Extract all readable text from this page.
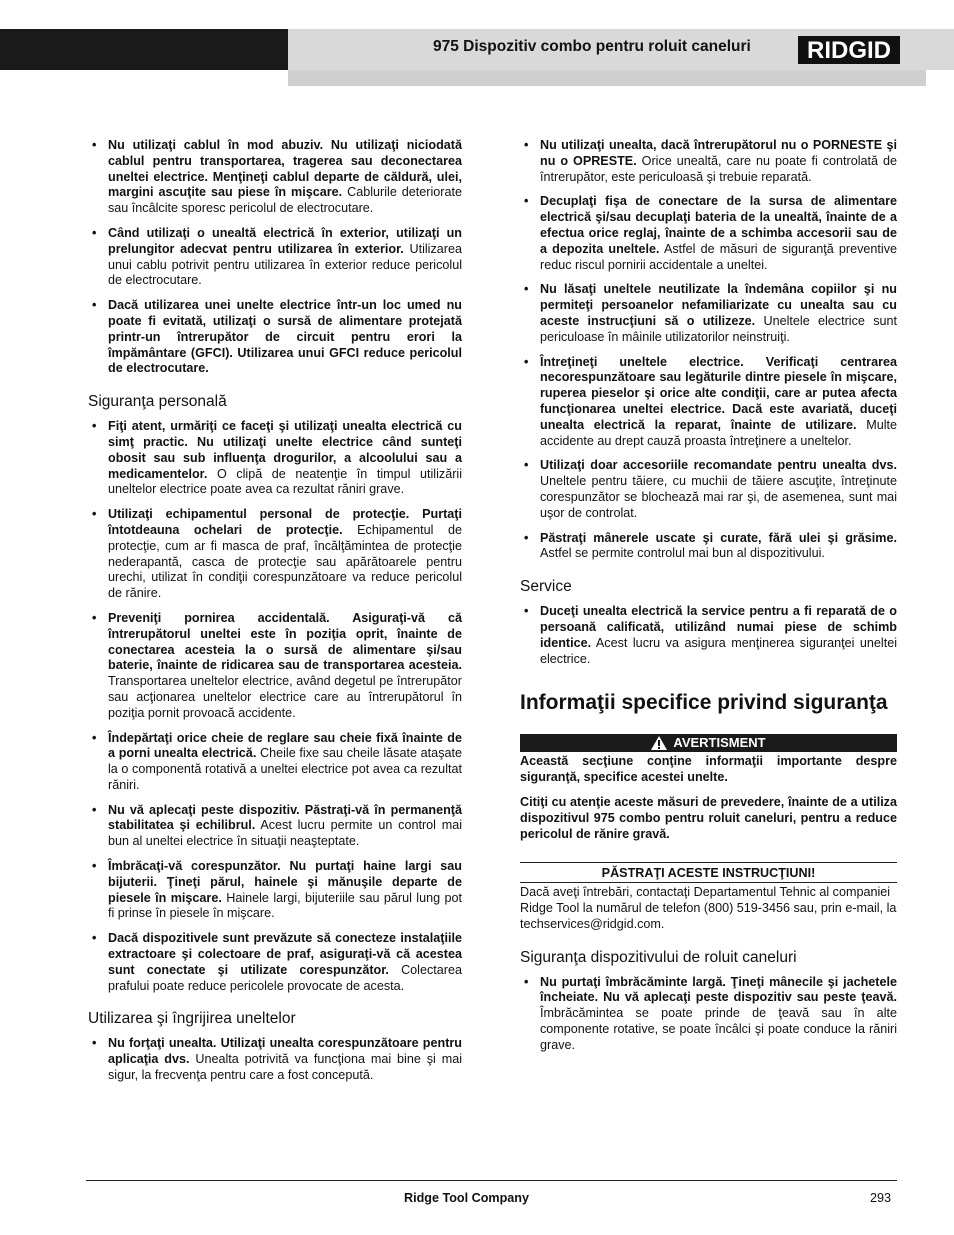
975 Dispozitiv combo pentru roluit caneluri RIDGID
• Nu utilizaţi cablul în mod abuziv. Nu utilizaţi niciodată cablul pentru transportarea, tragerea sau deconectarea uneltei electrice. Menţineţi cablul departe de căldură, ulei, margini ascuţite sau piese în mişcare. Cablurile deteriorate sau încâlcite sporesc pericolul de electrocutare.
• Când utilizaţi o unealtă electrică în exterior, utilizaţi un prelungitor adecvat pentru utilizarea în exterior. Utilizarea unui cablu potrivit pentru utilizarea în exterior reduce pericolul de electrocutare.
• Dacă utilizarea unei unelte electrice într-un loc umed nu poate fi evitată, utilizaţi o sursă de alimentare protejată printr-un întrerupător de circuit pentru erori la împământare (GFCI). Utilizarea unui GFCI reduce pericolul de electrocutare.
Siguranţa personală
• Fiţi atent, urmăriţi ce faceţi şi utilizaţi unealta electrică cu simţ practic. Nu utilizaţi unelte electrice când sunteţi obosit sau sub influenţa drogurilor, a alcoolului sau a medicamentelor. O clipă de neatenţie în timpul utilizării uneltelor electrice poate avea ca rezultat răniri grave.
• Utilizaţi echipamentul personal de protecţie. Purtaţi întotdeauna ochelari de protecţie. Echipamentul de protecţie, cum ar fi masca de praf, încălţămintea de protecţie nederapantă, casca de protecţie sau apărătoarele pentru urechi, utilizat în condiţii corespunzătoare va reduce pericolul de rănire.
• Preveniţi pornirea accidentală. Asiguraţi-vă că întrerupătorul uneltei este în poziţia oprit, înainte de conectarea acesteia la o sursă de alimentare şi/sau baterie, înainte de ridicarea sau de transportarea acesteia. Transportarea uneltelor electrice, având degetul pe întrerupător sau acţionarea uneltelor electrice care au întrerupătorul în poziţia pornit provoacă accidente.
• Îndepărtaţi orice cheie de reglare sau cheie fixă înainte de a porni unealta electrică. Cheile fixe sau cheile lăsate ataşate la o componentă rotativă a uneltei electrice pot avea ca rezultat răniri.
• Nu vă aplecaţi peste dispozitiv. Păstraţi-vă în permanenţă stabilitatea şi echilibrul. Acest lucru permite un control mai bun al uneltei electrice în situaţii neaşteptate.
• Îmbrăcaţi-vă corespunzător. Nu purtaţi haine largi sau bijuterii. Ţineţi părul, hainele şi mănuşile departe de piesele în mişcare. Hainele largi, bijuteriile sau părul lung pot fi prinse în piesele în mişcare.
• Dacă dispozitivele sunt prevăzute să conecteze instalaţiile extractoare şi colectoare de praf, asiguraţi-vă că acestea sunt conectate şi utilizate corespunzător. Colectarea prafului poate reduce pericolele provocate de acesta.
Utilizarea şi îngrijirea uneltelor
• Nu forţaţi unealta. Utilizaţi unealta corespunzătoare pentru aplicaţia dvs. Unealta potrivită va funcţiona mai bine şi mai sigur, la frecvenţa pentru care a fost concepută.
• Nu utilizaţi unealta, dacă întrerupătorul nu o PORNESTE şi nu o OPRESTE. Orice unealtă, care nu poate fi controlată de întrerupător, este periculoasă şi trebuie reparată.
• Decuplaţi fişa de conectare de la sursa de alimentare electrică şi/sau decuplaţi bateria de la unealtă, înainte de a efectua orice reglaj, înainte de a schimba accesorii sau de a depozita uneltele. Astfel de măsuri de siguranţă preventive reduc riscul pornirii accidentale a uneltei.
• Nu lăsaţi uneltele neutilizate la îndemâna copiilor şi nu permiteţi persoanelor nefamiliarizate cu unealta sau cu aceste instrucţiuni să o utilizeze. Uneltele electrice sunt periculoase în mâinile utilizatorilor neinstruiţi.
• Întreţineţi uneltele electrice. Verificaţi centrarea necorespunzătoare sau legăturile dintre piesele în mişcare, ruperea pieselor şi orice alte condiţii, care ar putea afecta funcţionarea uneltei electrice. Dacă este avariată, duceţi unealta electrică la reparat, înainte de utilizare. Multe accidente au drept cauză proasta întreţinere a uneltelor.
• Utilizaţi doar accesoriile recomandate pentru unealta dvs. Uneltele pentru tăiere, cu muchii de tăiere ascuţite, întreţinute corespunzător se blochează mai rar şi, de asemenea, sunt mai uşor de controlat.
• Păstraţi mânerele uscate şi curate, fără ulei şi grăsime. Astfel se permite controlul mai bun al dispozitivului.
Service
• Duceţi unealta electrică la service pentru a fi reparată de o persoană calificată, utilizând numai piese de schimb identice. Acest lucru va asigura menţinerea siguranţei uneltei electrice.
Informaţii specifice privind siguranţa
AVERTISMENT

Această secţiune conţine informaţii importante despre siguranţă, specifice acestei unelte.

Citiţi cu atenţie aceste măsuri de prevedere, înainte de a utiliza dispozitivul 975 combo pentru roluit caneluri, pentru a reduce pericolul de rănire gravă.

PĂSTRAŢI ACESTE INSTRUCŢIUNI!

Dacă aveţi întrebări, contactaţi Departamentul Tehnic al companiei Ridge Tool la numărul de telefon (800) 519-3456 sau, prin e-mail, la techservices@ridgid.com.

Siguranţa dispozitivului de roluit caneluri
• Nu purtaţi îmbrăcăminte largă. Ţineţi mânecile şi jachetele încheiate. Nu vă aplecaţi peste dispozitiv sau peste ţeavă. Îmbrăcămintea se poate prinde de ţeavă sau în alte componente rotative, se poate încâlci şi poate conduce la răniri grave.
Ridge Tool Company	293
